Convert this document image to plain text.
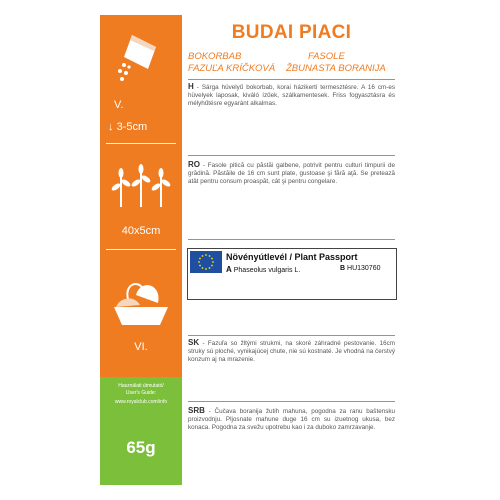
V.
↓ 3-5cm
40x5cm
VI.
Használati útmutató/
User's Guide:
www.royalclub.com/info
65g
BUDAI PIACI
BOKORBAB	FASOLE
FAZUĽA KRÍČKOVÁ ŽBUNASTA BORANIJA
H - Sárga hüvelyű bokorbab, korai házikerti termesztésre. A 16 cm-es hüvelyek laposak, kiváló ízűek, szálkamentesek. Friss fogyasztásra és mélyhűtésre egyaránt alkalmas.
RO - Fasole pitică cu păstăi galbene, potrivit pentru culturi timpurii de grădină. Păstăile de 16 cm sunt plate, gustoase şi fără aţă. Se pretează atât pentru consum proaspăt, cât şi pentru congelare.
Növényútlevél / Plant Passport
A Phaseolus vulgaris L.	B HU130760
SK - Fazuľa so žltými strukmi, na skoré záhradné pestovanie. 16cm struky sú ploché, vynikajúcej chute, nie sú kostnaté. Je vhodná na čerstvý konzum aj na mrazenie.
SRB - Čučava boranija žutih mahuna, pogodna za ranu baštensku proizvodnju. Pljosnate mahune duge 16 cm su izuetnog ukusa, bez konaca. Pogodna za svežu upotrebu kao i za duboko zamrzavanje.
